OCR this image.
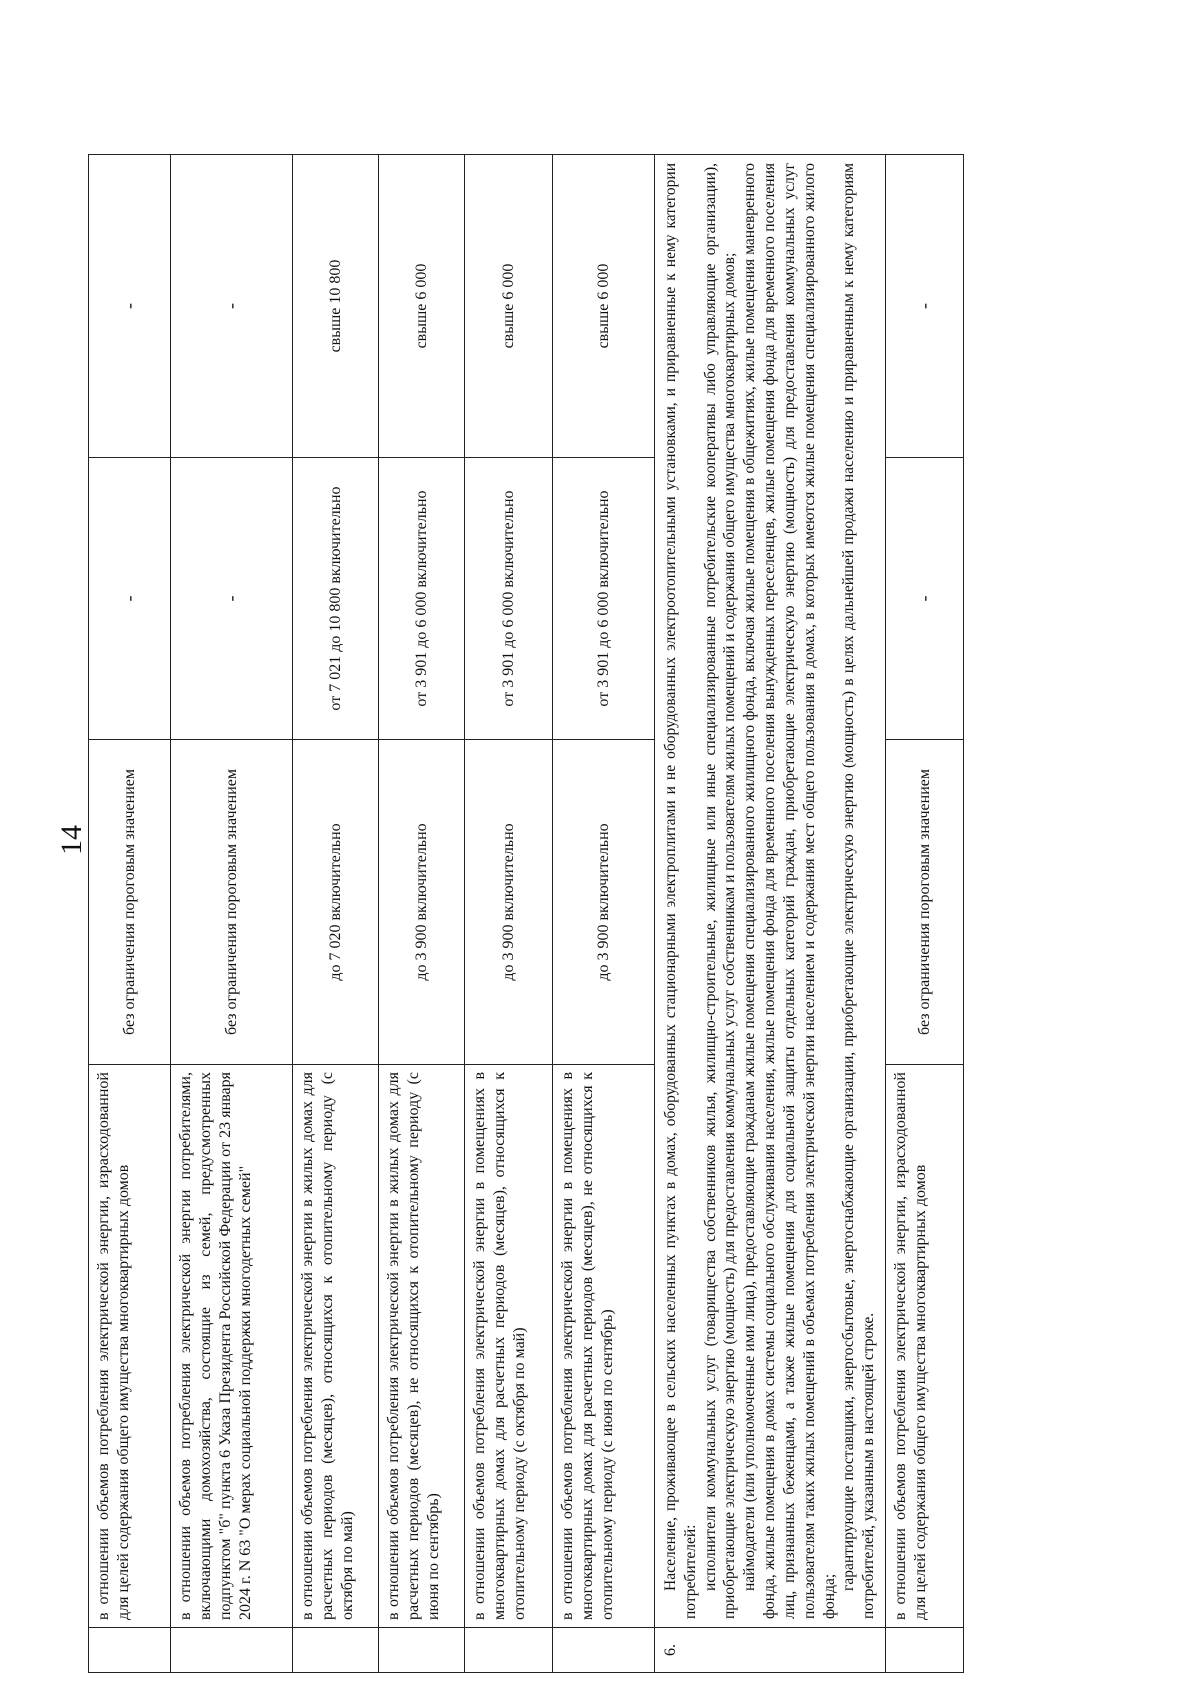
14
	в отношении объемов потребления электрической энергии, израсходованной для целей содержания общего имущества многоквартирных домов	без ограничения пороговым значением	-	-
	в отношении объемов потребления электрической энергии потребителями, включающими домохозяйства, состоящие из семей, предусмотренных подпунктом "б" пункта 6 Указа Президента Российской Федерации от 23 января 2024 г. N 63 "О мерах социальной поддержки многодетных семей"	без ограничения пороговым значением	-	-
	в отношении объемов потребления электрической энергии в жилых домах для расчетных периодов (месяцев), относящихся к отопительному периоду (с октября по май)	до 7 020 включительно	от 7 021 до 10 800 включительно	свыше 10 800
	в отношении объемов потребления электрической энергии в жилых домах для расчетных периодов (месяцев), не относящихся к отопительному периоду (с июня по сентябрь)	до 3 900 включительно	от 3 901 до 6 000 включительно	свыше 6 000
	в отношении объемов потребления электрической энергии в помещениях в многоквартирных домах для расчетных периодов (месяцев), относящихся к отопительному периоду (с октября по май)	до 3 900 включительно	от 3 901 до 6 000 включительно	свыше 6 000
	в отношении объемов потребления электрической энергии в помещениях в многоквартирных домах для расчетных периодов (месяцев), не относящихся к отопительному периоду (с июня по сентябрь)	до 3 900 включительно	от 3 901 до 6 000 включительно	свыше 6 000
6.	Население, проживающее в сельских населенных пунктах в домах, оборудованных стационарными электроплитами и не оборудованных электроотопительными установками, и приравненные к нему категории потребителей: исполнители коммунальных услуг (товарищества собственников жилья, жилищно-строительные, жилищные или иные специализированные потребительские кооперативы либо управляющие организации), приобретающие электрическую энергию (мощность) для предоставления коммунальных услуг собственникам и пользователям жилых помещений и содержания общего имущества многоквартирных домов; наймодатели (или уполномоченные ими лица), предоставляющие гражданам жилые помещения специализированного жилищного фонда, включая жилые помещения в общежитиях, жилые помещения маневренного фонда, жилые помещения в домах системы социального обслуживания населения, жилые помещения фонда для временного поселения вынужденных переселенцев, жилые помещения фонда для временного поселения лиц, признанных беженцами, а также жилые помещения для социальной защиты отдельных категорий граждан, приобретающие электрическую энергию (мощность) для предоставления коммунальных услуг пользователям таких жилых помещений в объемах потребления электрической энергии населением и содержания мест общего пользования в домах, в которых имеются жилые помещения специализированного жилого фонда;

гарантирующие поставщики, энергосбытовые, энергоснабжающие организации, приобретающие электрическую энергию (мощность) в целях дальнейшей продажи населению и приравненным к нему категориям потребителей, указанным в настоящей строке.			

	в отношении объемов потребления электрической энергии, израсходованной для целей содержания общего имущества многоквартирных домов	без ограничения пороговым значением	-	-
